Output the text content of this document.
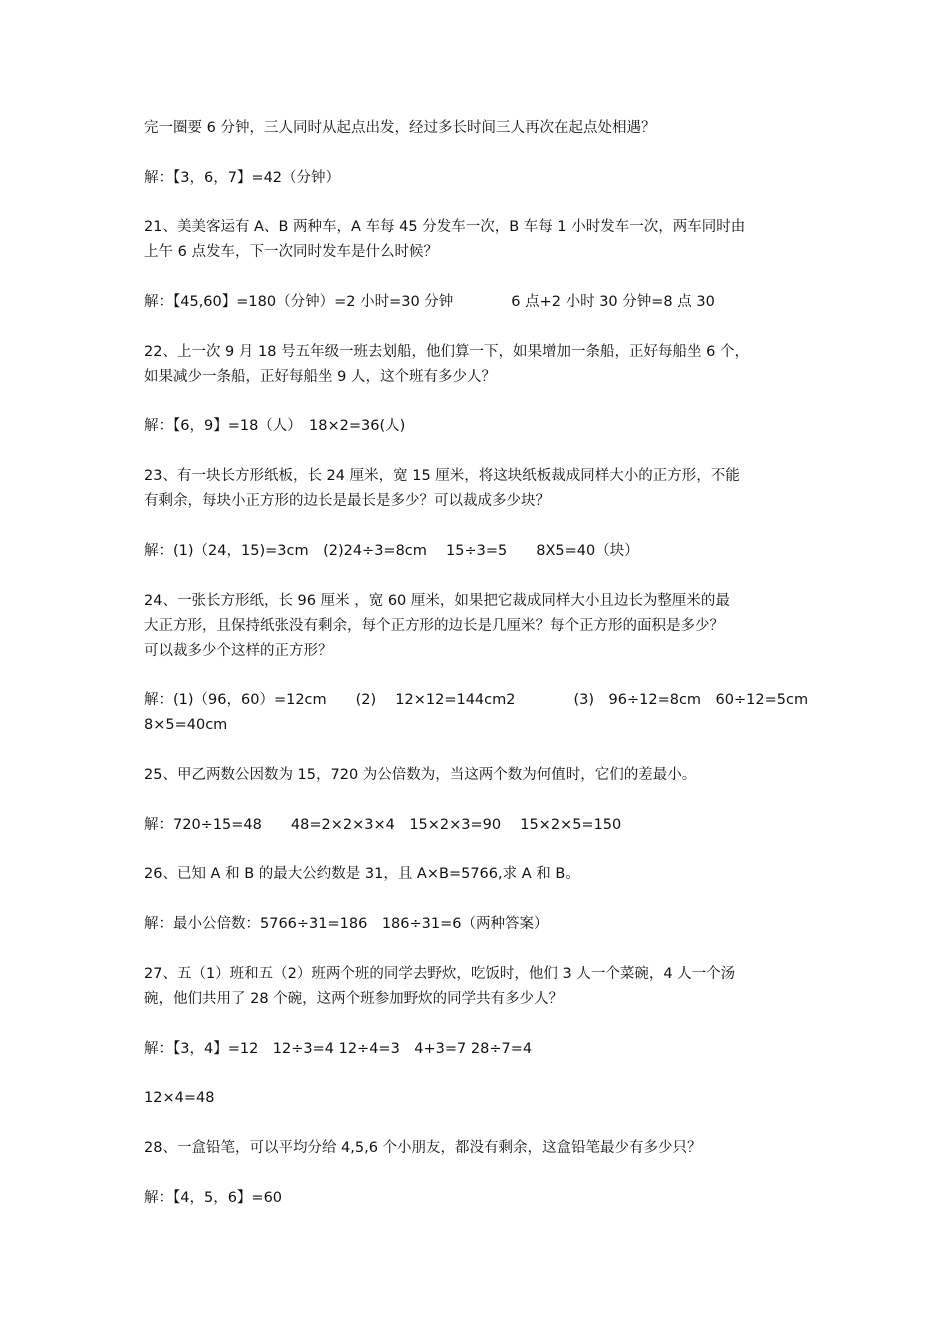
完一圈要 6 分钟，三人同时从起点出发，经过多长时间三人再次在起点处相遇？
解：【3，6，7】=42（分钟）
21、美美客运有 A、B 两种车，A 车每 45 分发车一次，B 车每 1 小时发车一次，两车同时由
上午 6 点发车，下一次同时发车是什么时候？
解：【45,60】=180（分钟）=2 小时=30 分钟　　　　6 点+2 小时 30 分钟=8 点 30
22、上一次 9 月 18 号五年级一班去划船，他们算一下，如果增加一条船，正好每船坐 6 个，
如果减少一条船，正好每船坐 9 人，这个班有多少人？
解：【6，9】=18（人）　18×2=36(人)
23、有一块长方形纸板，长 24 厘米，宽 15 厘米，将这块纸板裁成同样大小的正方形，不能
有剩余，每块小正方形的边长是最长是多少？可以裁成多少块？
解：(1)（24，15)=3cm　(2)24÷3=8cm　 15÷3=5　　8X5=40（块）
24、一张长方形纸，长 96 厘米 ，宽 60 厘米，如果把它裁成同样大小且边长为整厘米的最
大正方形，且保持纸张没有剩余，每个正方形的边长是几厘米？每个正方形的面积是多少？
可以裁多少个这样的正方形？
解：(1)（96，60）=12cm　　(2)　 12×12=144cm2　　　　(3)　96÷12=8cm　60÷12=5cm
8×5=40cm
25、甲乙两数公因数为 15，720 为公倍数为，当这两个数为何值时，它们的差最小。
解：720÷15=48　　48=2×2×3×4　15×2×3=90　 15×2×5=150
26、已知 A 和 B 的最大公约数是 31，且 A×B=5766,求 A 和 B。
解：最小公倍数：5766÷31=186　186÷31=6（两种答案）
27、五（1）班和五（2）班两个班的同学去野炊，吃饭时，他们 3 人一个菜碗，4 人一个汤
碗，他们共用了 28 个碗，这两个班参加野炊的同学共有多少人？
解：【3，4】=12　12÷3=4 12÷4=3　4+3=7 28÷7=4
12×4=48
28、一盒铅笔，可以平均分给 4,5,6 个小朋友，都没有剩余，这盒铅笔最少有多少只？
解：【4，5，6】=60
